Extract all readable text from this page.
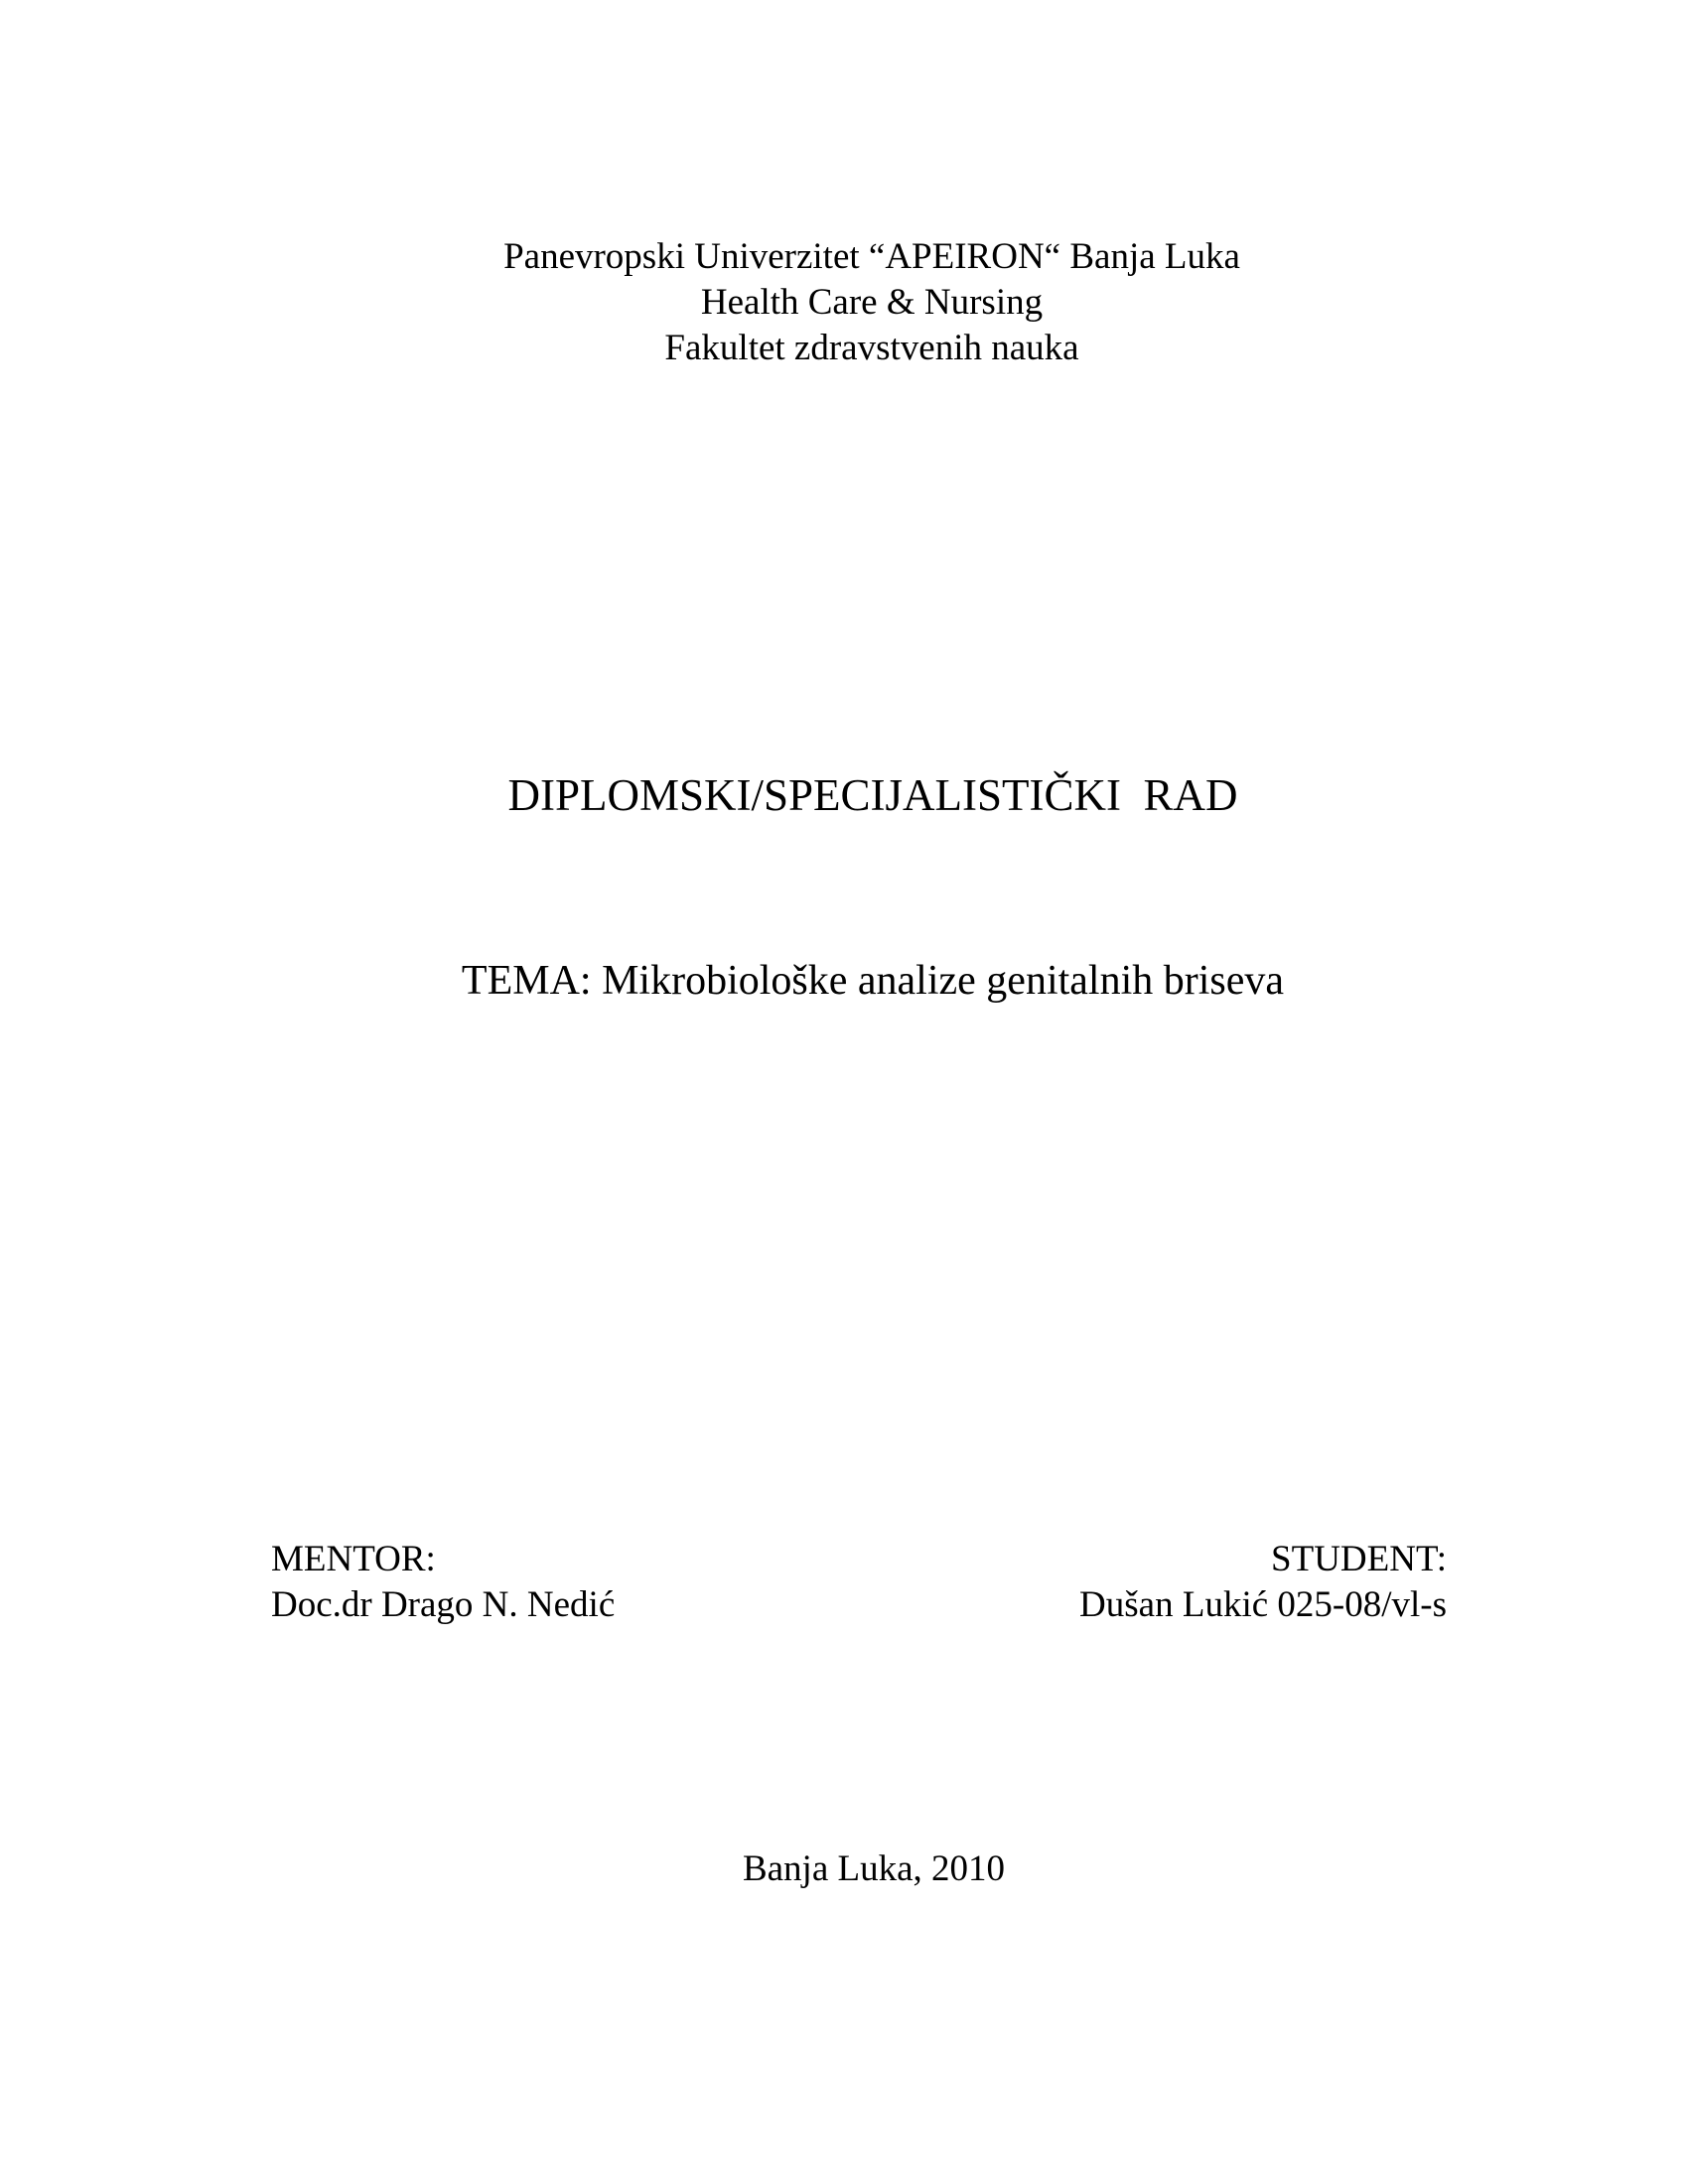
Panevropski Univerzitet “APEIRON“ Banja Luka
Health Care & Nursing
Fakultet zdravstvenih nauka
DIPLOMSKI/SPECIJALISTIČKI  RAD
TEMA: Mikrobiološke analize genitalnih briseva
MENTOR:
Doc.dr Drago N. Nedić
STUDENT:
Dušan Lukić 025-08/vl-s
Banja Luka, 2010
